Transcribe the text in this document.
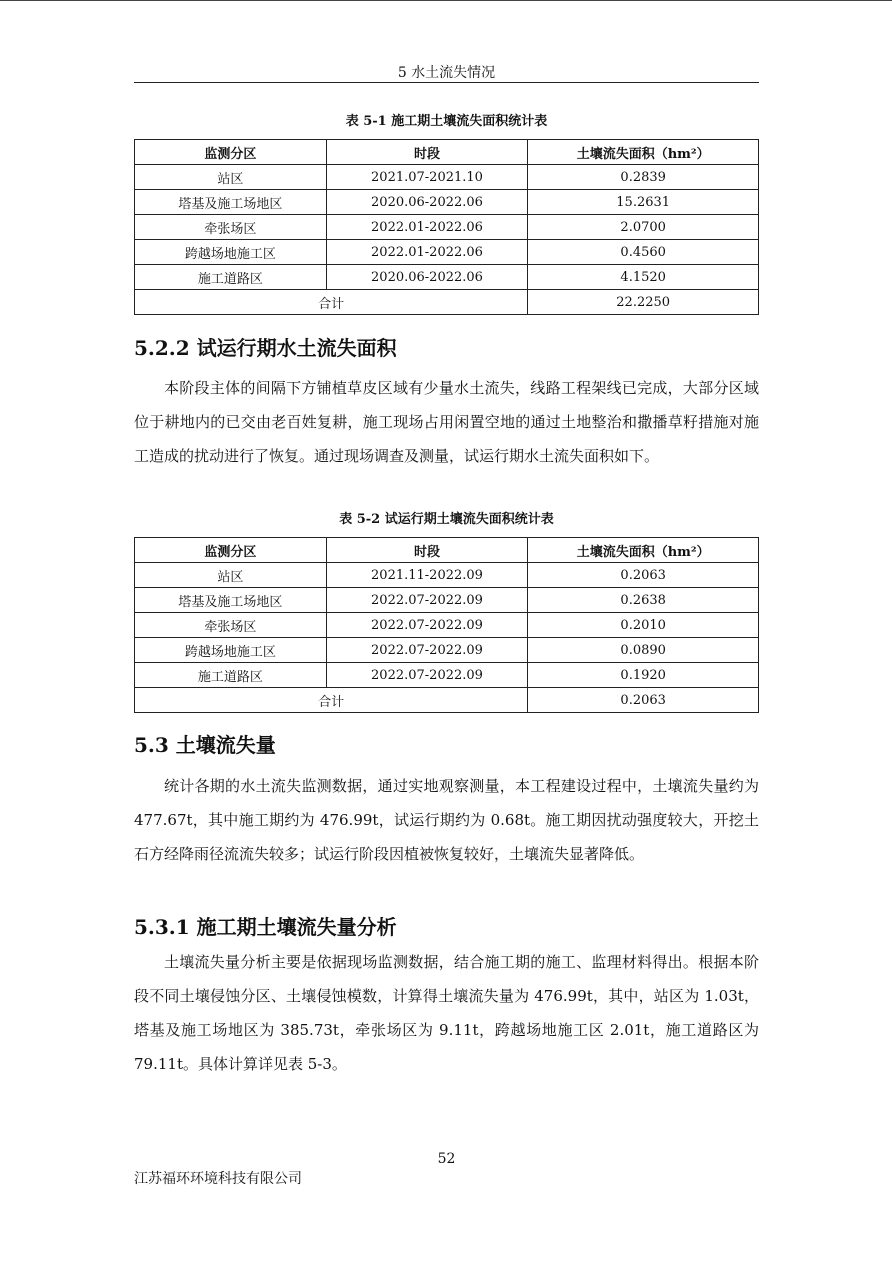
5 水土流失情况
表 5-1 施工期土壤流失面积统计表
监测分区	时段	土壤流失面积（hm²）
站区	2021.07-2021.10	0.2839
塔基及施工场地区	2020.06-2022.06	15.2631
牵张场区	2022.01-2022.06	2.0700
跨越场地施工区	2022.01-2022.06	0.4560
施工道路区	2020.06-2022.06	4.1520
合计		22.2250
5.2.2 试运行期水土流失面积

本阶段主体的间隔下方铺植草皮区域有少量水土流失，线路工程架线已完成，大部分区域位于耕地内的已交由老百姓复耕，施工现场占用闲置空地的通过土地整治和撒播草籽措施对施工造成的扰动进行了恢复。通过现场调查及测量，试运行期水土流失面积如下。

表 5-2 试运行期土壤流失面积统计表
监测分区	时段	土壤流失面积（hm²）
站区	2021.11-2022.09	0.2063
塔基及施工场地区	2022.07-2022.09	0.2638
牵张场区	2022.07-2022.09	0.2010
跨越场地施工区	2022.07-2022.09	0.0890
施工道路区	2022.07-2022.09	0.1920
合计		0.2063
5.3 土壤流失量

统计各期的水土流失监测数据，通过实地观察测量，本工程建设过程中，土壤流失量约为 477.67t，其中施工期约为 476.99t，试运行期约为 0.68t。施工期因扰动强度较大，开挖土石方经降雨径流流失较多；试运行阶段因植被恢复较好，土壤流失显著降低。

5.3.1 施工期土壤流失量分析

土壤流失量分析主要是依据现场监测数据，结合施工期的施工、监理材料得出。根据本阶段不同土壤侵蚀分区、土壤侵蚀模数，计算得土壤流失量为 476.99t，其中，站区为 1.03t，塔基及施工场地区为 385.73t，牵张场区为 9.11t，跨越场地施工区 2.01t，施工道路区为 79.11t。具体计算详见表 5-3。

52
江苏福环环境科技有限公司
